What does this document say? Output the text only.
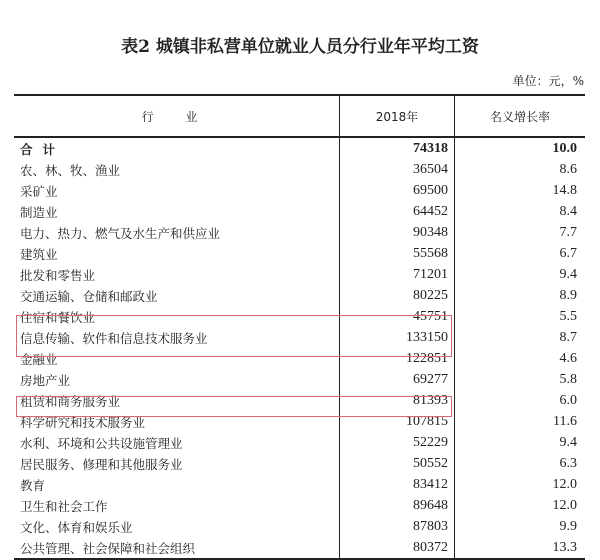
表2 城镇非私营单位就业人员分行业年平均工资
单位：元，%
行 业	2018年	名义增长率
合计	74318	10.0
农、林、牧、渔业	36504	8.6
采矿业	69500	14.8
制造业	64452	8.4
电力、热力、燃气及水生产和供应业	90348	7.7
建筑业	55568	6.7
批发和零售业	71201	9.4
交通运输、仓储和邮政业	80225	8.9
住宿和餐饮业	45751	5.5
信息传输、软件和信息技术服务业	133150	8.7
金融业	122851	4.6
房地产业	69277	5.8
租赁和商务服务业	81393	6.0
科学研究和技术服务业	107815	11.6
水利、环境和公共设施管理业	52229	9.4
居民服务、修理和其他服务业	50552	6.3
教育	83412	12.0
卫生和社会工作	89648	12.0
文化、体育和娱乐业	87803	9.9
公共管理、社会保障和社会组织	80372	13.3
